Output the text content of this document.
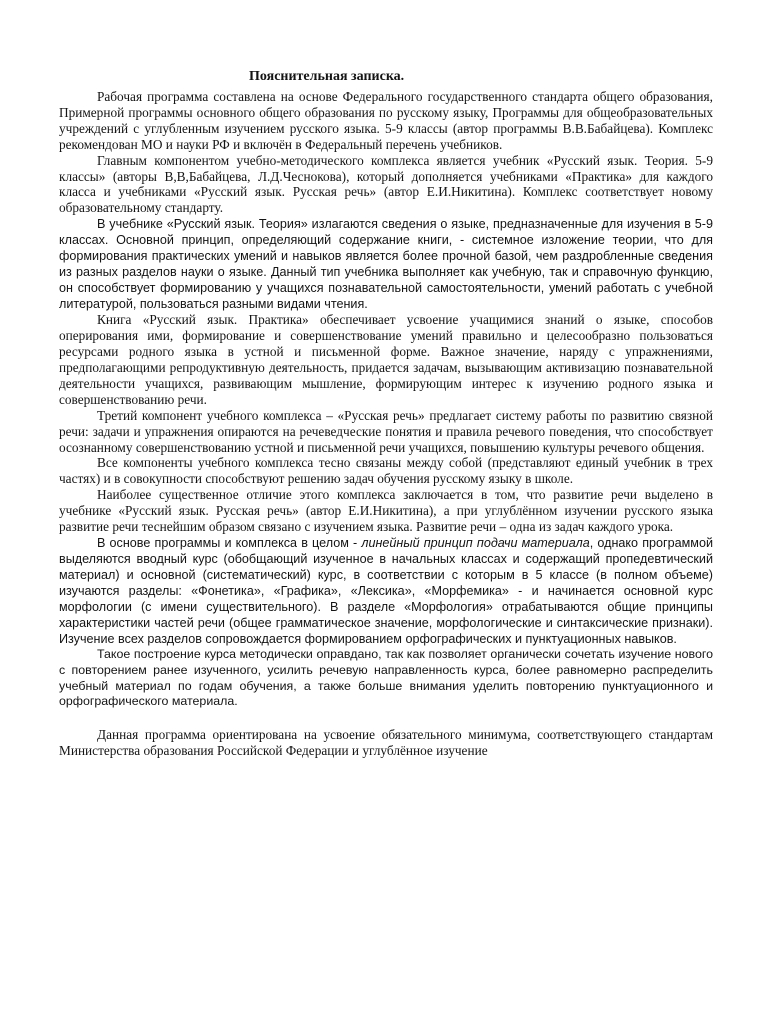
Пояснительная записка.

Рабочая программа составлена на основе Федерального государственного стандарта общего образования, Примерной программы основного общего образования по русскому языку, Программы для общеобразовательных учреждений с углубленным изучением русского языка. 5-9 классы (автор программы В.В.Бабайцева). Комплекс рекомендован МО и науки РФ и включён в Федеральный перечень учебников.

Главным компонентом учебно-методического комплекса является учебник «Русский язык. Теория. 5-9 классы» (авторы В,В,Бабайцева, Л.Д.Чеснокова), который дополняется учебниками «Практика» для каждого класса и учебниками «Русский язык. Русская речь» (автор Е.И.Никитина). Комплекс соответствует новому образовательному стандарту.

В учебнике «Русский язык. Теория» излагаются сведения о языке, предназначенные для изучения в 5-9 классах. Основной принцип, определяющий содержание книги, - системное изложение теории, что для формирования практических умений и навыков является более прочной базой, чем раздробленные сведения из разных разделов науки о языке. Данный тип учебника выполняет как учебную, так и справочную функцию, он способствует формированию у учащихся познавательной самостоятельности, умений работать с учебной литературой, пользоваться разными видами чтения.

Книга «Русский язык. Практика» обеспечивает усвоение учащимися знаний о языке, способов оперирования ими, формирование и совершенствование умений правильно и целесообразно пользоваться ресурсами родного языка в устной и письменной форме. Важное значение, наряду с упражнениями, предполагающими репродуктивную деятельность, придается задачам, вызывающим активизацию познавательной деятельности учащихся, развивающим мышление, формирующим интерес к изучению родного языка и совершенствованию речи.

Третий компонент учебного комплекса – «Русская речь» предлагает систему работы по развитию связной речи: задачи и упражнения опираются на речеведческие понятия и правила речевого поведения, что способствует осознанному совершенствованию устной и письменной речи учащихся, повышению культуры речевого общения.

Все компоненты учебного комплекса тесно связаны между собой (представляют единый учебник в трех частях) и в совокупности способствуют решению задач обучения русскому языку в школе.

Наиболее существенное отличие этого комплекса заключается в том, что развитие речи выделено в учебнике «Русский язык. Русская речь» (автор Е.И.Никитина), а при углублённом изучении русского языка развитие речи теснейшим образом связано с изучением языка. Развитие речи – одна из задач каждого урока.

В основе программы и комплекса в целом - линейный принцип подачи материала, однако программой выделяются вводный курс (обобщающий изученное в начальных классах и содержащий пропедевтический материал) и основной (систематический) курс, в соответствии с которым в 5 классе (в полном объеме) изучаются разделы: «Фонетика», «Графика», «Лексика», «Морфемика» - и начинается основной курс морфологии (с имени существительного). В разделе «Морфология» отрабатываются общие принципы характеристики частей речи (общее грамматическое значение, морфологические и синтаксические признаки). Изучение всех разделов сопровождается формированием орфографических и пунктуационных навыков.

Такое построение курса методически оправдано, так как позволяет органически сочетать изучение нового с повторением ранее изученного, усилить речевую направленность курса, более равномерно распределить учебный материал по годам обучения, а также больше внимания уделить повторению пунктуационного и орфографического материала.

Данная программа ориентирована на усвоение обязательного минимума, соответствующего стандартам Министерства образования Российской Федерации и углублённое изучение
